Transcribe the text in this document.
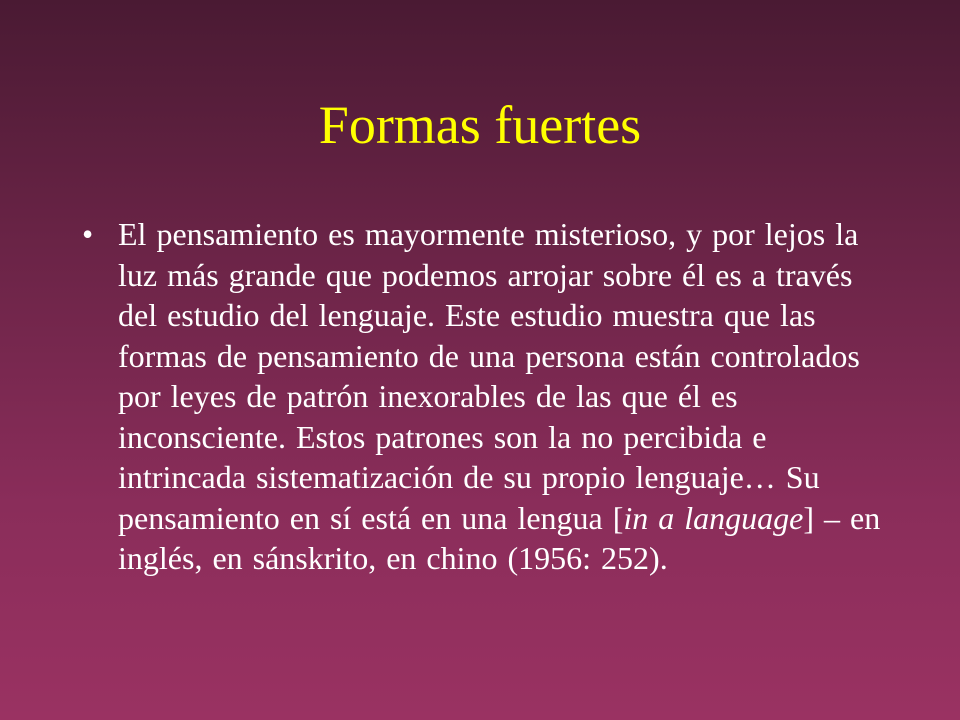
Formas fuertes
• El pensamiento es mayormente misterioso, y por lejos la luz más grande que podemos arrojar sobre él es a través del estudio del lenguaje. Este estudio muestra que las formas de pensamiento de una persona están controlados por leyes de patrón inexorables de las que él es inconsciente. Estos patrones son la no percibida e intrincada sistematización de su propio lenguaje… Su pensamiento en sí está en una lengua [in a language] – en inglés, en sánskrito, en chino (1956: 252).
